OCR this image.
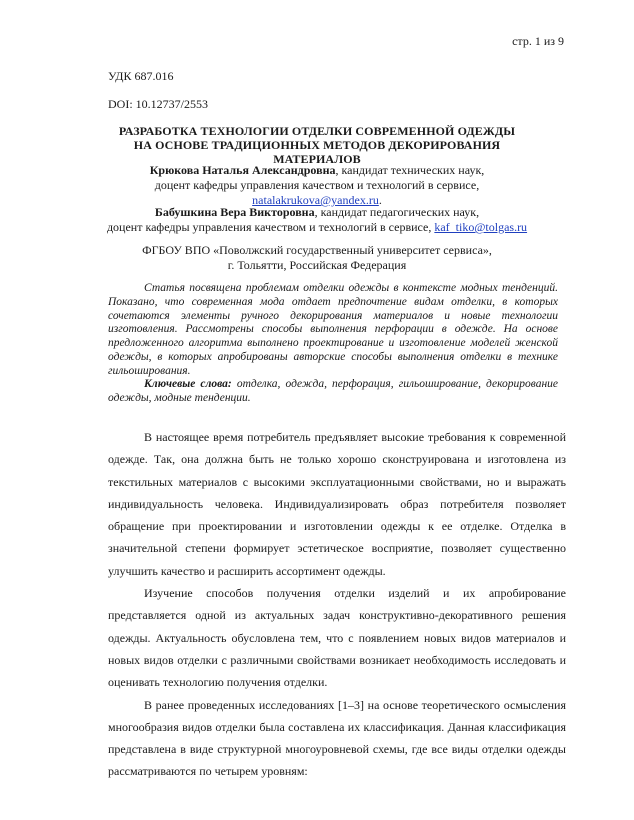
стр. 1 из 9
УДК 687.016
DOI: 10.12737/2553
РАЗРАБОТКА ТЕХНОЛОГИИ ОТДЕЛКИ СОВРЕМЕННОЙ ОДЕЖДЫ
НА ОСНОВЕ ТРАДИЦИОННЫХ МЕТОДОВ ДЕКОРИРОВАНИЯ МАТЕРИАЛОВ
Крюкова Наталья Александровна, кандидат технических наук,
доцент кафедры управления качеством и технологий в сервисе, natalakrukova@yandex.ru.
Бабушкина Вера Викторовна, кандидат педагогических наук,
доцент кафедры управления качеством и технологий в сервисе, kaf_tiko@tolgas.ru
ФГБОУ ВПО «Поволжский государственный университет сервиса»,
г. Тольятти, Российская Федерация

Статья посвящена проблемам отделки одежды в контексте модных тенденций. Показано, что современная мода отдает предпочтение видам отделки, в которых сочетаются элементы ручного декорирования материалов и новые технологии изготовления. Рассмотрены способы выполнения перфорации в одежде. На основе предложенного алгоритма выполнено проектирование и изготовление моделей женской одежды, в которых апробированы авторские способы выполнения отделки в технике гильоширования.

Ключевые слова: отделка, одежда, перфорация, гильоширование, декорирование одежды, модные тенденции.

В настоящее время потребитель предъявляет высокие требования к современной одежде. Так, она должна быть не только хорошо сконструирована и изготовлена из текстильных материалов с высокими эксплуатационными свойствами, но и выражать индивидуальность человека. Индивидуализировать образ потребителя позволяет обращение при проектировании и изготовлении одежды к ее отделке. Отделка в значительной степени формирует эстетическое восприятие, позволяет существенно улучшить качество и расширить ассортимент одежды.

Изучение способов получения отделки изделий и их апробирование представляется одной из актуальных задач конструктивно-декоративного решения одежды. Актуальность обусловлена тем, что с появлением новых видов материалов и новых видов отделки с различными свойствами возникает необходимость исследовать и оценивать технологию получения отделки.

В ранее проведенных исследованиях [1–3] на основе теоретического осмысления многообразия видов отделки была составлена их классификация. Данная классификация представлена в виде структурной многоуровневой схемы, где все виды отделки одежды рассматриваются по четырем уровням:
